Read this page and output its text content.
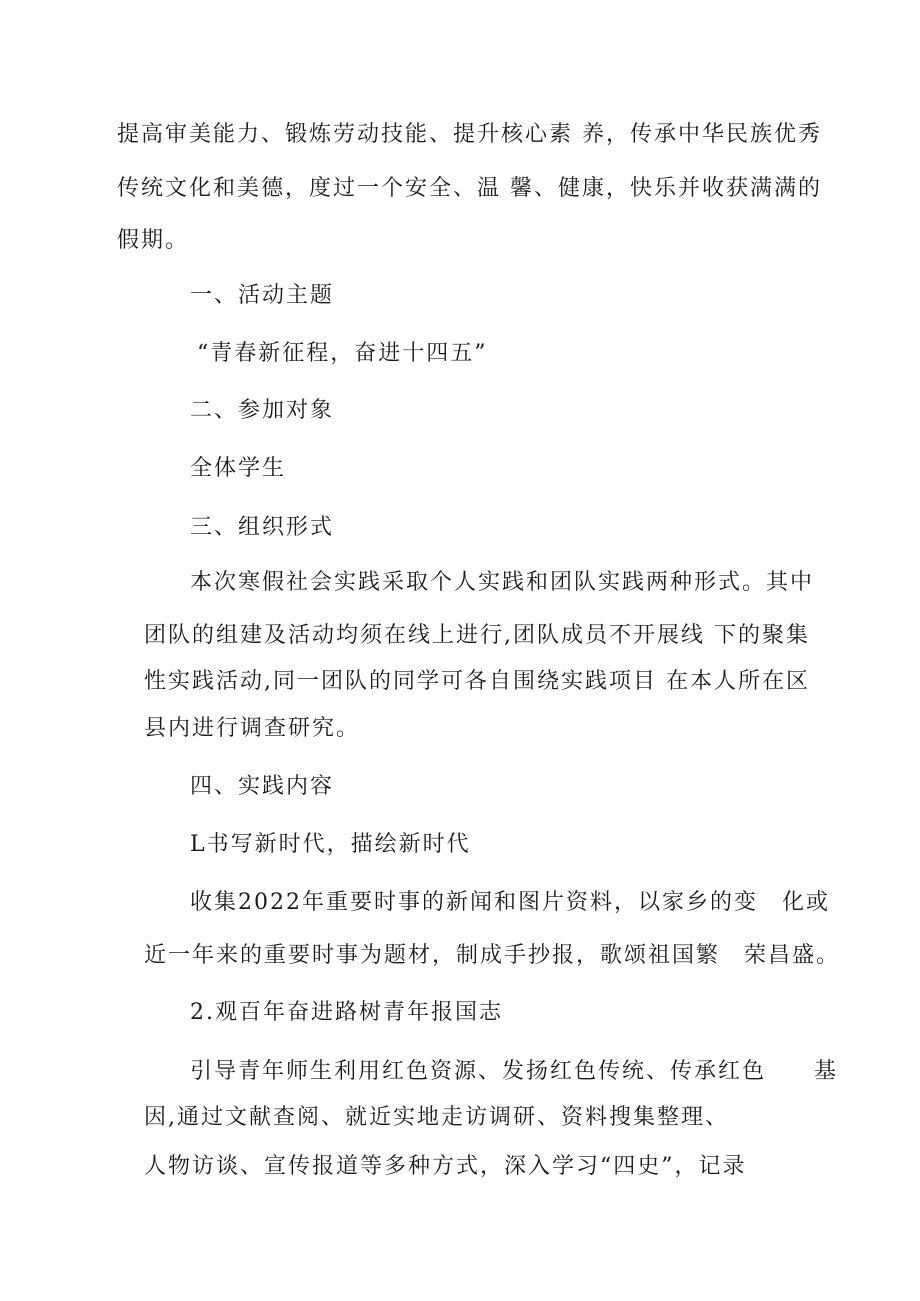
提高审美能力、锻炼劳动技能、提升核心素 养，传承中华民族优秀
传统文化和美德，度过一个安全、温 馨、健康，快乐并收获满满的
假期。
一、活动主题
“青春新征程，奋进十四五”
二、参加对象
全体学生
三、组织形式
本次寒假社会实践采取个人实践和团队实践两种形式。其中
团队的组建及活动均须在线上进行,团队成员不开展线 下的聚集
性实践活动,同一团队的同学可各自围绕实践项目 在本人所在区
县内进行调查研究。
四、实践内容
L书写新时代，描绘新时代
收集2022年重要时事的新闻和图片资料，以家乡的变　化或
近一年来的重要时事为题材，制成手抄报，歌颂祖国繁　荣昌盛。
2.观百年奋进路树青年报国志
引导青年师生利用红色资源、发扬红色传统、传承红色　　基
因,通过文献查阅、就近实地走访调研、资料搜集整理、
人物访谈、宣传报道等多种方式，深入学习“四史”，记录
